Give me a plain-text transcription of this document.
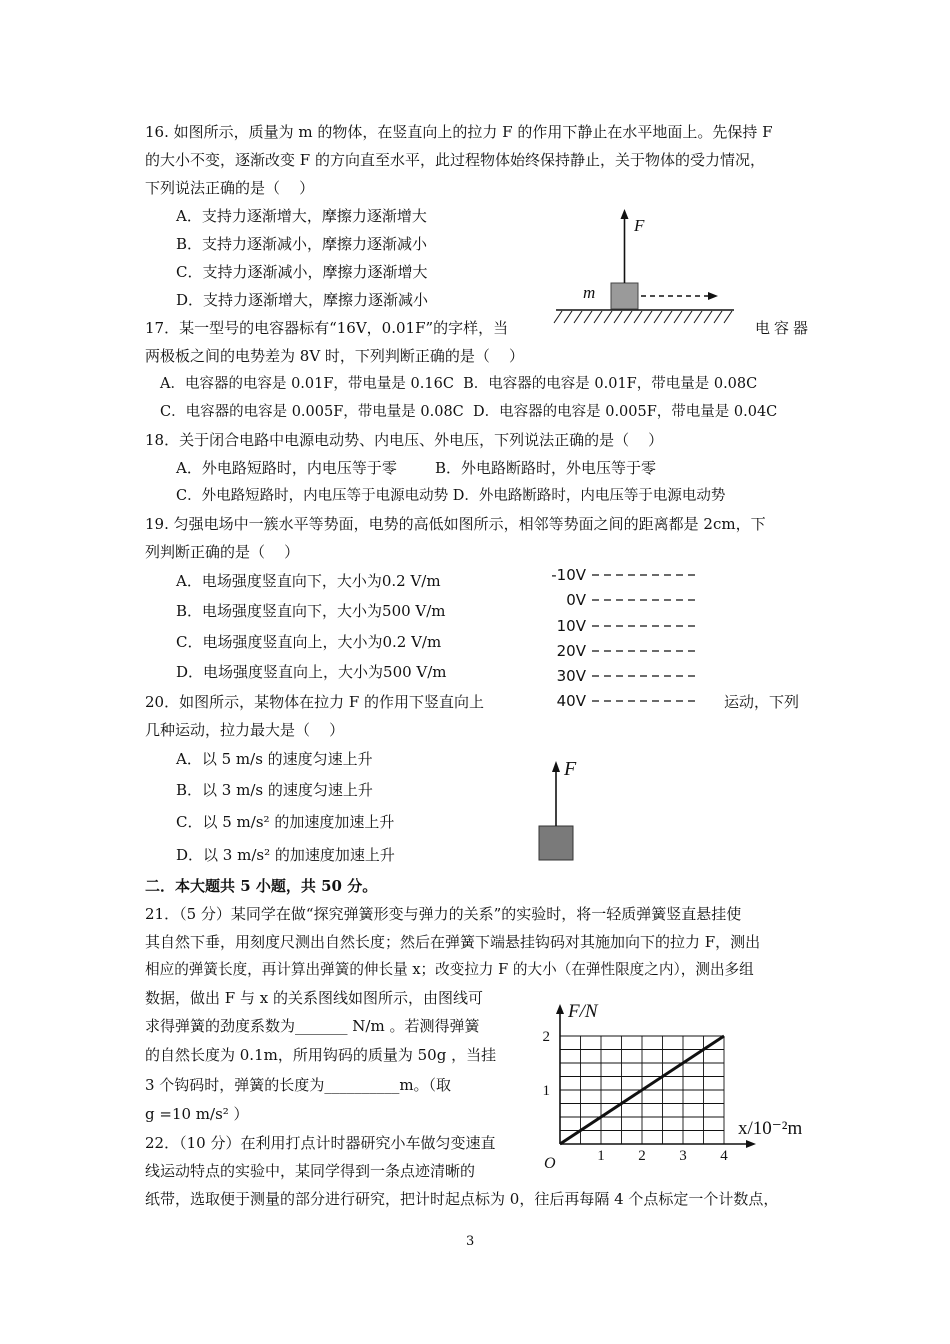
16. 如图所示，质量为 m 的物体，在竖直向上的拉力 F 的作用下静止在水平地面上。先保持 F
的大小不变，逐渐改变 F 的方向直至水平，此过程物体始终保持静止，关于物体的受力情况，
下列说法正确的是（    ）
A．支持力逐渐增大，摩擦力逐渐增大
B．支持力逐渐减小，摩擦力逐渐减小
C．支持力逐渐减小，摩擦力逐渐增大
D．支持力逐渐增大，摩擦力逐渐减小
F
m
17．某一型号的电容器标有“16V，0.01F”的字样，当	电容器
两极板之间的电势差为 8V 时，下列判断正确的是（    ）
A．电容器的电容是 0.01F，带电量是 0.16C  B．电容器的电容是 0.01F，带电量是 0.08C
C．电容器的电容是 0.005F，带电量是 0.08C  D．电容器的电容是 0.005F，带电量是 0.04C
18．关于闭合电路中电源电动势、内电压、外电压，下列说法正确的是（    ）
A．外电路短路时，内电压等于零        B．外电路断路时，外电压等于零
C．外电路短路时，内电压等于电源电动势 D．外电路断路时，内电压等于电源电动势
19. 匀强电场中一簇水平等势面，电势的高低如图所示，相邻等势面之间的距离都是 2cm，下
列判断正确的是（    ）
A．电场强度竖直向下，大小为0.2 V/m
B．电场强度竖直向下，大小为500 V/m
C．电场强度竖直向上，大小为0.2 V/m
D．电场强度竖直向上，大小为500 V/m
-10V
0V
10V
20V
30V
40V
20．如图所示，某物体在拉力 F 的作用下竖直向上	运动，下列
几种运动，拉力最大是（    ）
A．以 5 m/s 的速度匀速上升
B．以 3 m/s 的速度匀速上升
C．以 5 m/s² 的加速度加速上升
D．以 3 m/s² 的加速度加速上升
F
二．本大题共 5 小题，共 50 分。
21．（5 分）某同学在做“探究弹簧形变与弹力的关系”的实验时，将一轻质弹簧竖直悬挂使
其自然下垂，用刻度尺测出自然长度；然后在弹簧下端悬挂钩码对其施加向下的拉力 F，测出
相应的弹簧长度，再计算出弹簧的伸长量 x；改变拉力 F 的大小（在弹性限度之内），测出多组
数据，做出 F 与 x 的关系图线如图所示，由图线可
求得弹簧的劲度系数为_______ N/m 。若测得弹簧
的自然长度为 0.1m，所用钩码的质量为 50g ，当挂
3 个钩码时，弹簧的长度为__________m。（取
g =10 m/s² ）
22．（10 分）在利用打点计时器研究小车做匀变速直
线运动特点的实验中，某同学得到一条点迹清晰的
纸带，选取便于测量的部分进行研究，把计时起点标为 0，往后再每隔 4 个点标定一个计数点，
F/N
x/10⁻²m
O	1 2 3 4
1
2
3
